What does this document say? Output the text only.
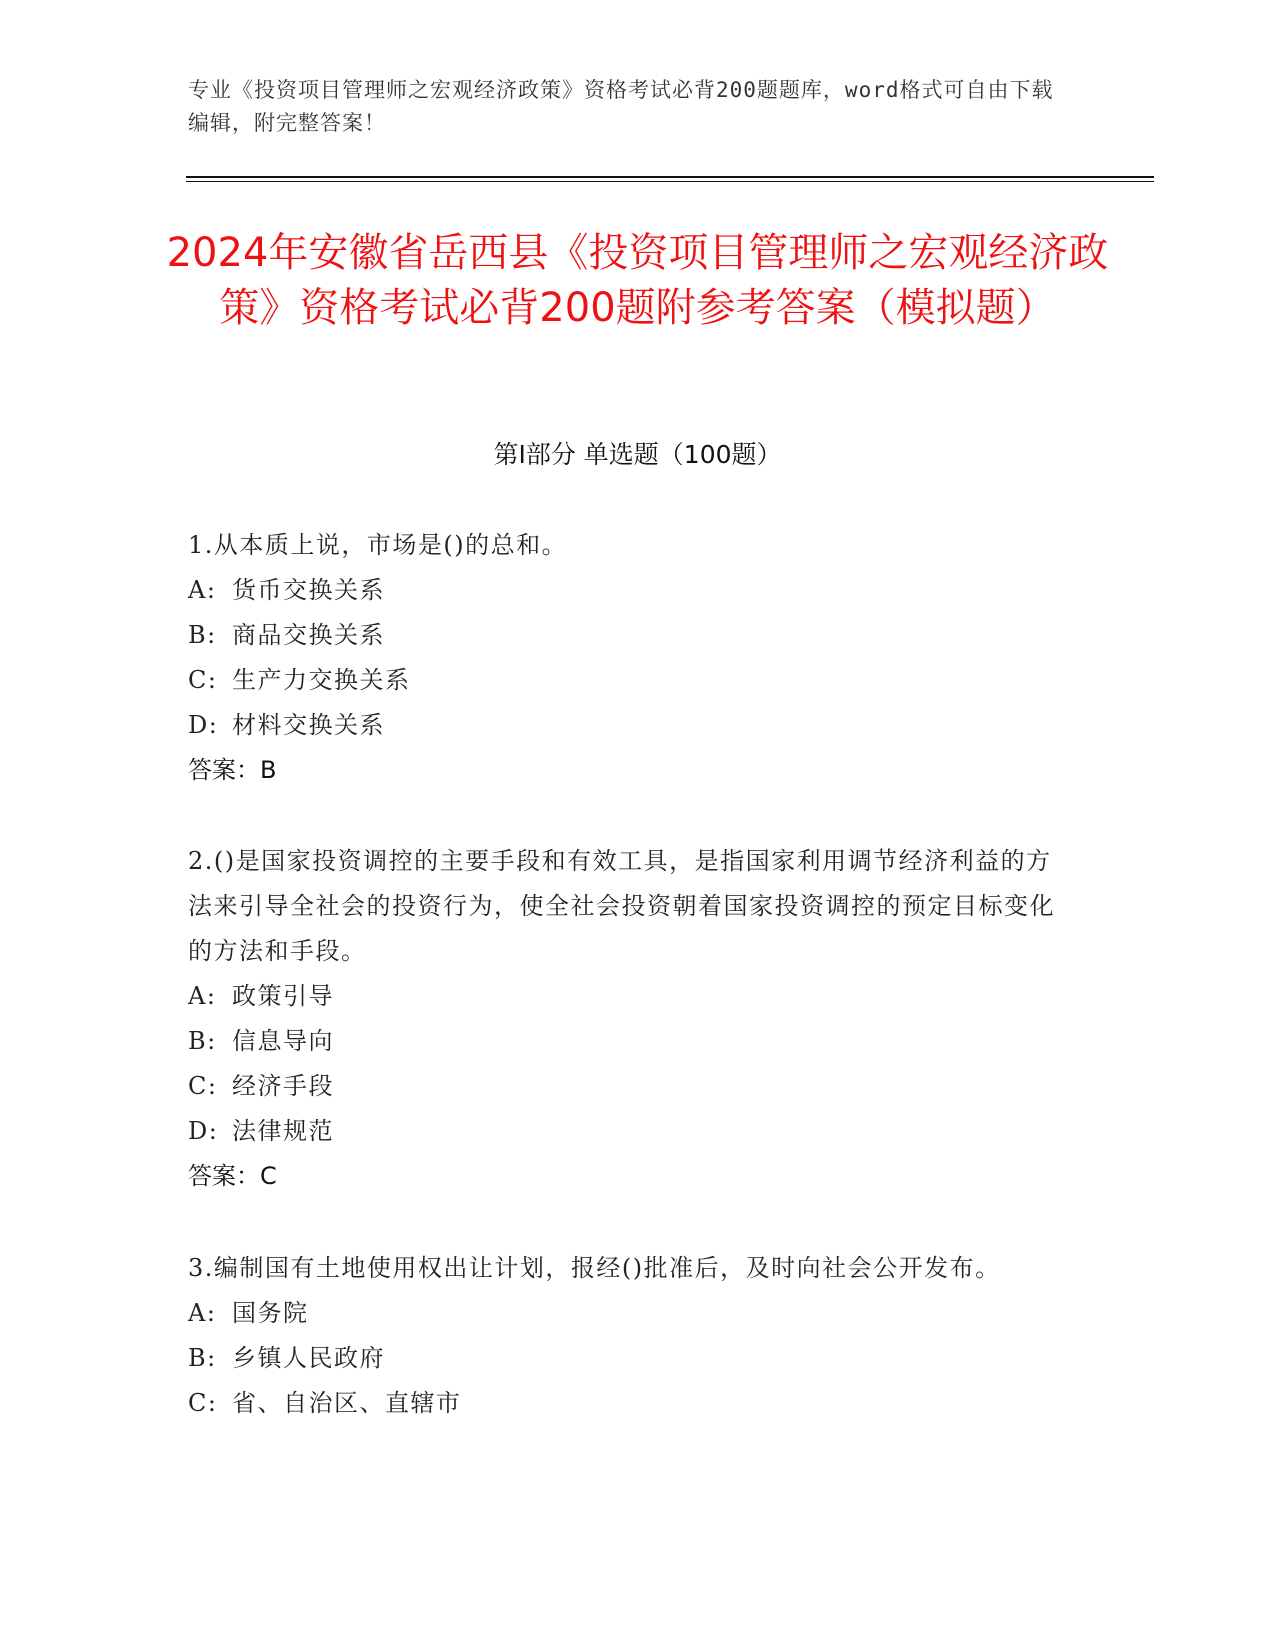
专业《投资项目管理师之宏观经济政策》资格考试必背200题题库，word格式可自由下载编辑，附完整答案！
2024年安徽省岳西县《投资项目管理师之宏观经济政策》资格考试必背200题附参考答案（模拟题）
第Ⅰ部分 单选题（100题）

1.从本质上说，市场是()的总和。

A: 货币交换关系

B: 商品交换关系

C: 生产力交换关系

D: 材料交换关系

答案：B

2.()是国家投资调控的主要手段和有效工具，是指国家利用调节经济利益的方法来引导全社会的投资行为，使全社会投资朝着国家投资调控的预定目标变化的方法和手段。

A: 政策引导

B: 信息导向

C: 经济手段

D: 法律规范

答案：C

3.编制国有土地使用权出让计划，报经()批准后，及时向社会公开发布。

A: 国务院

B: 乡镇人民政府

C: 省、自治区、直辖市
